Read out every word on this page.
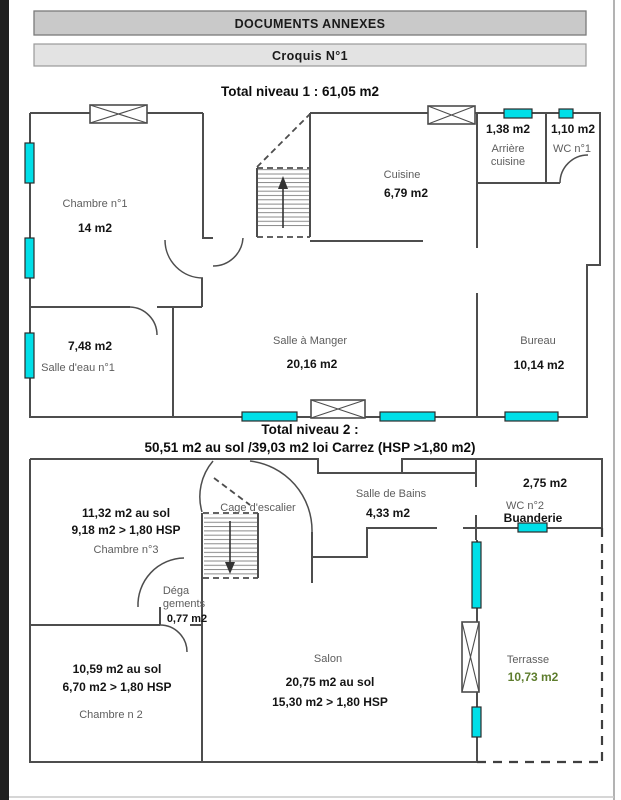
DOCUMENTS ANNEXES
Croquis N°1
Total niveau 1 : 61,05 m2
Chambre n°1
14 m2
Cuisine
6,79 m2
1,38 m2
Arrière
cuisine
1,10 m2
WC n°1
7,48 m2
Salle d'eau n°1
Salle à Manger
20,16 m2
Bureau
10,14 m2
Total niveau 2 :
50,51 m2 au sol /39,03 m2 loi Carrez (HSP >1,80 m2)
11,32 m2 au sol
9,18 m2 > 1,80 HSP
Chambre n°3
Cage d'escalier
Déga
gements
0,77 m2
Salle de Bains
4,33 m2
2,75 m2
WC n°2
Buanderie
10,59 m2 au sol
6,70 m2 > 1,80 HSP
Chambre n 2
Salon
20,75 m2 au sol
15,30 m2 > 1,80 HSP
Terrasse
10,73 m2
